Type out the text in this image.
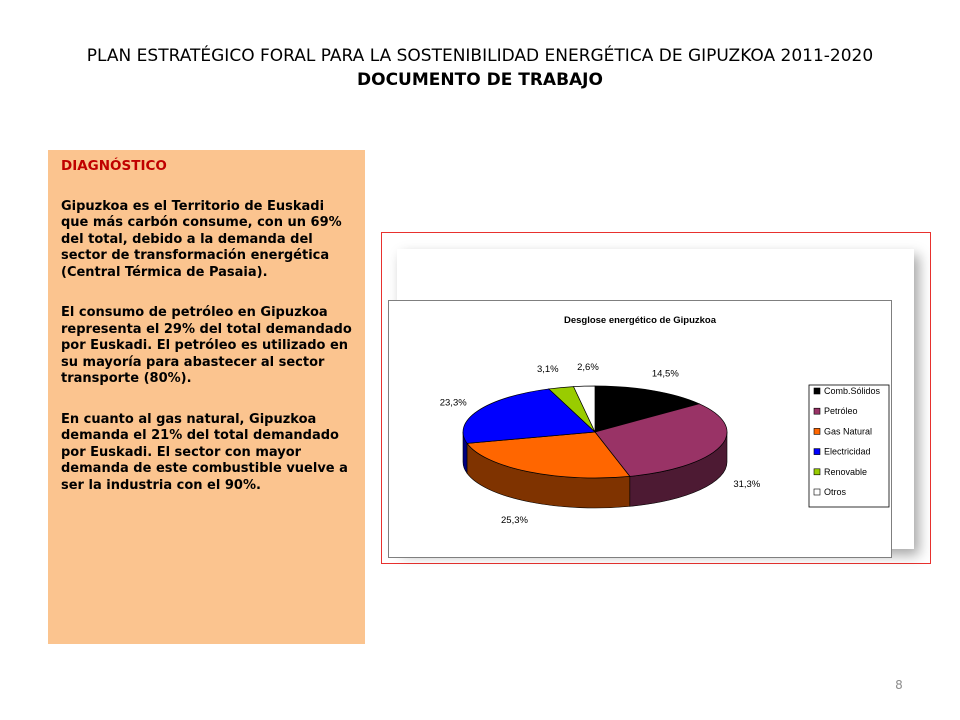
PLAN ESTRATÉGICO FORAL PARA LA SOSTENIBILIDAD ENERGÉTICA DE GIPUZKOA 2011-2020
DOCUMENTO DE TRABAJO
DIAGNÓSTICO

Gipuzkoa es el Territorio de Euskadi que más carbón consume, con un 69% del total, debido a la demanda del sector de transformación energética (Central Térmica de Pasaia).

El consumo de petróleo en Gipuzkoa representa el 29% del total demandado por Euskadi. El petróleo es utilizado en su mayoría para abastecer al sector transporte (80%).

En cuanto al gas natural, Gipuzkoa demanda el 21% del total demandado por Euskadi. El sector con mayor demanda de este combustible vuelve a ser la industria con el 90%.

Desglose energético de Gipuzkoa
14,5%
31,3%
25,3%
23,3%
3,1% 2,6%
Comb.Sólidos
Petróleo
Gas Natural
Electricidad
Renovable
Otros
8
